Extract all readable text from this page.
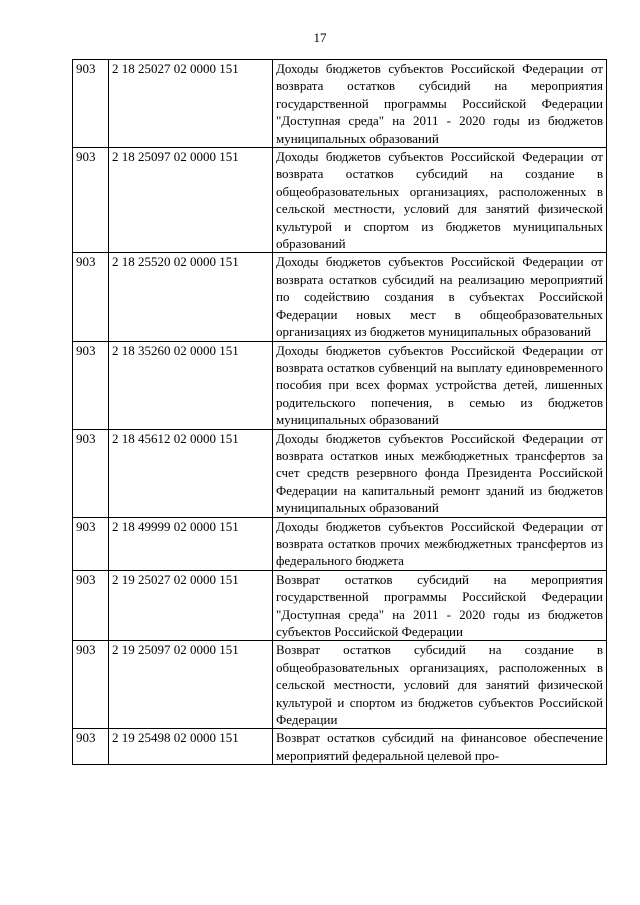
17
903	2 18 25027 02 0000 151	Доходы бюджетов субъектов Российской Федерации от возврата остатков субсидий на мероприятия государственной программы Российской Федерации "Доступная среда" на 2011 - 2020 годы из бюджетов муниципальных образований
903	2 18 25097 02 0000 151	Доходы бюджетов субъектов Российской Федерации от возврата остатков субсидий на создание в общеобразовательных организациях, расположенных в сельской местности, условий для занятий физической культурой и спортом из бюджетов муниципальных образований
903	2 18 25520 02 0000 151	Доходы бюджетов субъектов Российской Федерации от возврата остатков субсидий на реализацию мероприятий по содействию создания в субъектах Российской Федерации новых мест в общеобразовательных организациях из бюджетов муниципальных образований
903	2 18 35260 02 0000 151	Доходы бюджетов субъектов Российской Федерации от возврата остатков субвенций на выплату единовременного пособия при всех формах устройства детей, лишенных родительского попечения, в семью из бюджетов муниципальных образований
903	2 18 45612 02 0000 151	Доходы бюджетов субъектов Российской Федерации от возврата остатков иных межбюджетных трансфертов за счет средств резервного фонда Президента Российской Федерации на капитальный ремонт зданий из бюджетов муниципальных образований
903	2 18 49999 02 0000 151	Доходы бюджетов субъектов Российской Федерации от возврата остатков прочих межбюджетных трансфертов из федерального бюджета
903	2 19 25027 02 0000 151	Возврат остатков субсидий на мероприятия государственной программы Российской Федерации "Доступная среда" на 2011 - 2020 годы из бюджетов субъектов Российской Федерации
903	2 19 25097 02 0000 151	Возврат остатков субсидий на создание в общеобразовательных организациях, расположенных в сельской местности, условий для занятий физической культурой и спортом из бюджетов субъектов Российской Федерации
903	2 19 25498 02 0000 151	Возврат остатков субсидий на финансовое обеспечение мероприятий федеральной целевой про-
